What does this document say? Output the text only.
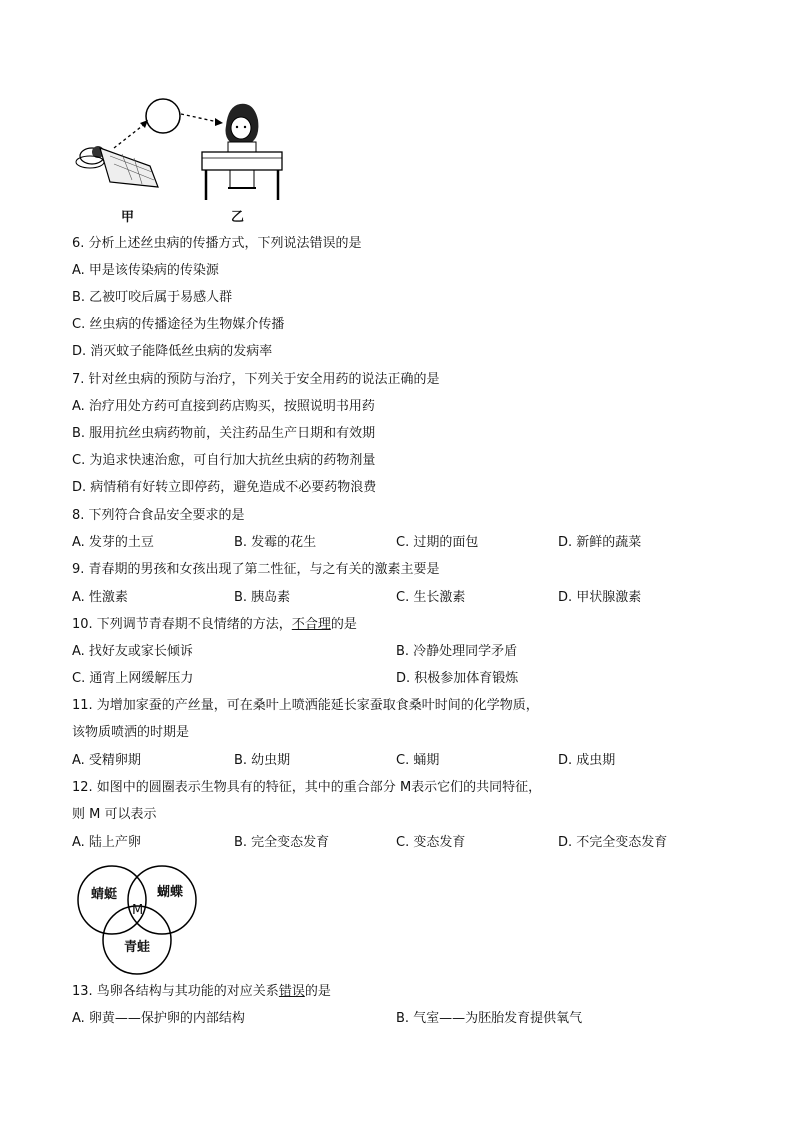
甲	乙
6. 分析上述丝虫病的传播方式，下列说法错误的是
A. 甲是该传染病的传染源
B. 乙被叮咬后属于易感人群
C. 丝虫病的传播途径为生物媒介传播
D. 消灭蚊子能降低丝虫病的发病率
7. 针对丝虫病的预防与治疗，下列关于安全用药的说法正确的是
A. 治疗用处方药可直接到药店购买，按照说明书用药
B. 服用抗丝虫病药物前，关注药品生产日期和有效期
C. 为追求快速治愈，可自行加大抗丝虫病的药物剂量
D. 病情稍有好转立即停药，避免造成不必要药物浪费
8. 下列符合食品安全要求的是
A. 发芽的土豆	B. 发霉的花生	C. 过期的面包	D. 新鲜的蔬菜
9. 青春期的男孩和女孩出现了第二性征，与之有关的激素主要是
A. 性激素	B. 胰岛素	C. 生长激素	D. 甲状腺激素
10. 下列调节青春期不良情绪的方法，不合理的是
A. 找好友或家长倾诉	B. 冷静处理同学矛盾
C. 通宵上网缓解压力	D. 积极参加体育锻炼
11. 为增加家蚕的产丝量，可在桑叶上喷洒能延长家蚕取食桑叶时间的化学物质，
该物质喷洒的时期是
A. 受精卵期	B. 幼虫期	C. 蛹期	D. 成虫期
12. 如图中的圆圈表示生物具有的特征，其中的重合部分 M表示它们的共同特征，
则 M 可以表示
A. 陆上产卵	B. 完全变态发育	C. 变态发育	D. 不完全变态发育
蜻蜓	蝴蝶
M
青蛙
13. 鸟卵各结构与其功能的对应关系错误的是
A. 卵黄——保护卵的内部结构	B. 气室——为胚胎发育提供氧气
